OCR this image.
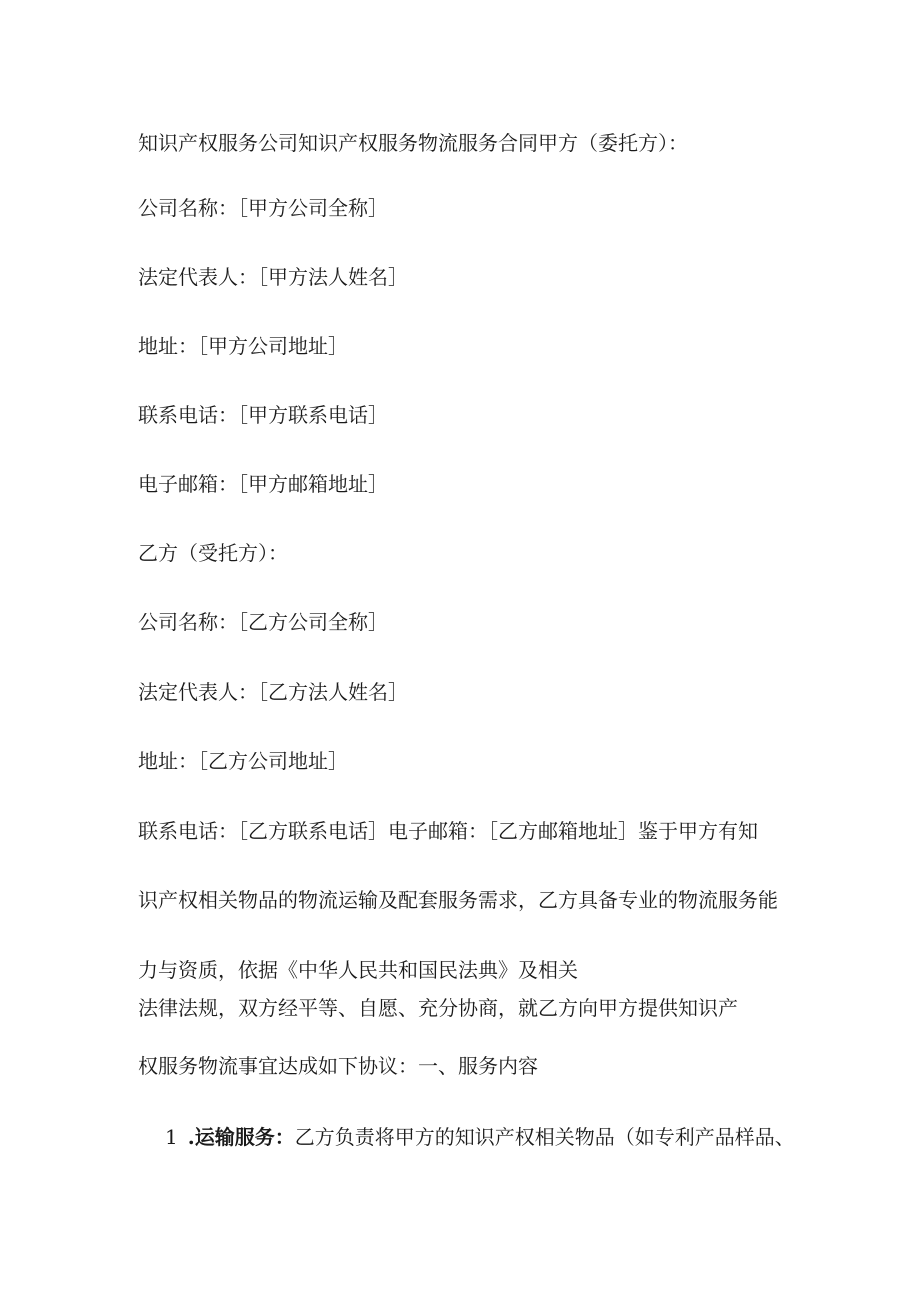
知识产权服务公司知识产权服务物流服务合同甲方（委托方）：
公司名称：［甲方公司全称］
法定代表人：［甲方法人姓名］
地址：［甲方公司地址］
联系电话：［甲方联系电话］
电子邮箱：［甲方邮箱地址］
乙方（受托方）：
公司名称：［乙方公司全称］
法定代表人：［乙方法人姓名］
地址：［乙方公司地址］
联系电话：［乙方联系电话］电子邮箱：［乙方邮箱地址］鉴于甲方有知
识产权相关物品的物流运输及配套服务需求，乙方具备专业的物流服务能
力与资质，依据《中华人民共和国民法典》及相关
法律法规，双方经平等、自愿、充分协商，就乙方向甲方提供知识产
权服务物流事宜达成如下协议：一、服务内容
1 .运输服务：乙方负责将甲方的知识产权相关物品（如专利产品样品、
